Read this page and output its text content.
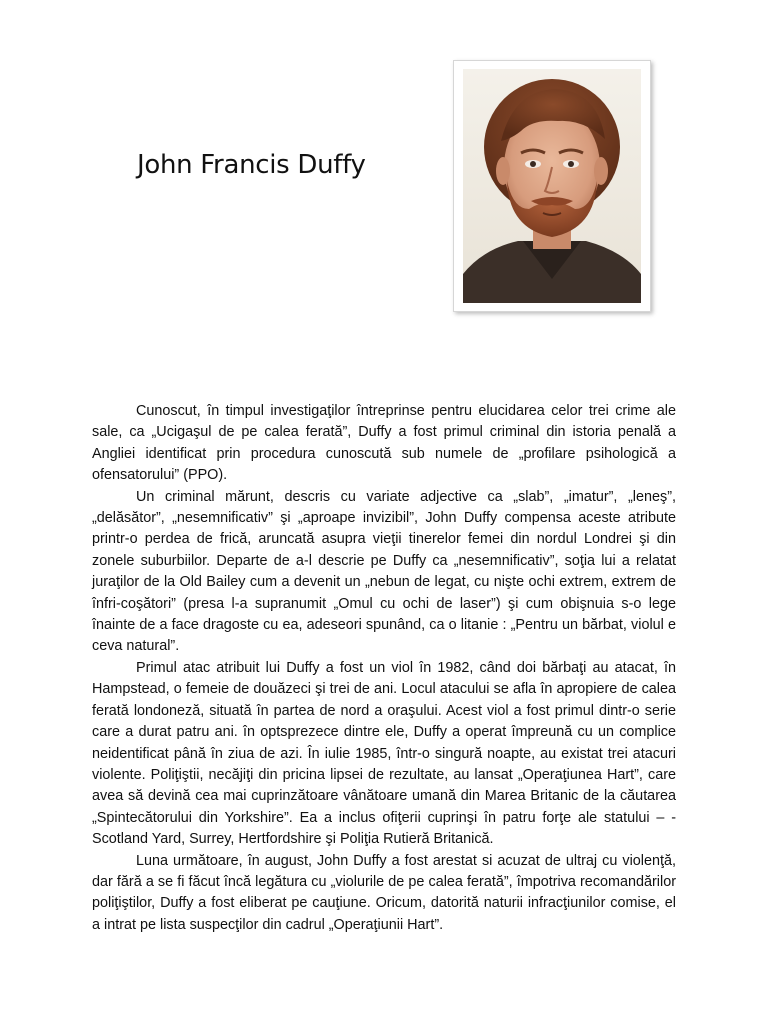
John Francis Duffy

Cunoscut, în timpul investigaţilor întreprinse pentru elucidarea celor trei crime ale sale, ca „Ucigaşul de pe calea ferată”, Duffy a fost primul criminal din istoria penală a Angliei identificat prin procedura cunoscută sub numele de „profilare psihologică a ofensatorului” (PPO).

Un criminal mărunt, descris cu variate adjective ca „slab”, „imatur”, „leneş”, „delăsător”, „nesemnificativ” şi „aproape invizibil”, John Duffy compensa aceste atribute printr-o perdea de frică, aruncată asupra vieţii tinerelor femei din nordul Londrei şi din zonele suburbiilor. Departe de a-l descrie pe Duffy ca „nesemnificativ”, soţia lui a relatat juraţilor de la Old Bailey cum a devenit un „nebun de legat, cu nişte ochi extrem, extrem de înfri-coşători” (presa l-a supranumit „Omul cu ochi de laser”) şi cum obişnuia s-o lege înainte de a face dragoste cu ea, adeseori spunând, ca o litanie : „Pentru un bărbat, violul e ceva natural”.

Primul atac atribuit lui Duffy a fost un viol în 1982, când doi bărbaţi au atacat, în Hampstead, o femeie de douăzeci şi trei de ani. Locul atacului se afla în apropiere de calea ferată londoneză, situată în partea de nord a oraşului. Acest viol a fost primul dintr-o serie care a durat patru ani. în optsprezece dintre ele, Duffy a operat împreună cu un complice neidentificat până în ziua de azi. În iulie 1985, într-o singură noapte, au existat trei atacuri violente. Poliţiştii, necăjiţi din pricina lipsei de rezultate, au lansat „Operaţiunea Hart”, care avea să devină cea mai cuprinzătoare vânătoare umană din Marea Britanic de la căutarea „Spintecătorului din Yorkshire”. Ea a inclus ofiţerii cuprinşi în patru forţe ale statului – - Scotland Yard, Surrey, Hertfordshire şi Poliţia Rutieră Britanică.

Luna următoare, în august, John Duffy a fost arestat si acuzat de ultraj cu violenţă, dar fără a se fi făcut încă legătura cu „violurile de pe calea ferată”, împotriva recomandărilor poliţiştilor, Duffy a fost eliberat pe cauţiune. Oricum, datorită naturii infracţiunilor comise, el a intrat pe lista suspecţilor din cadrul „Operaţiunii Hart”.
